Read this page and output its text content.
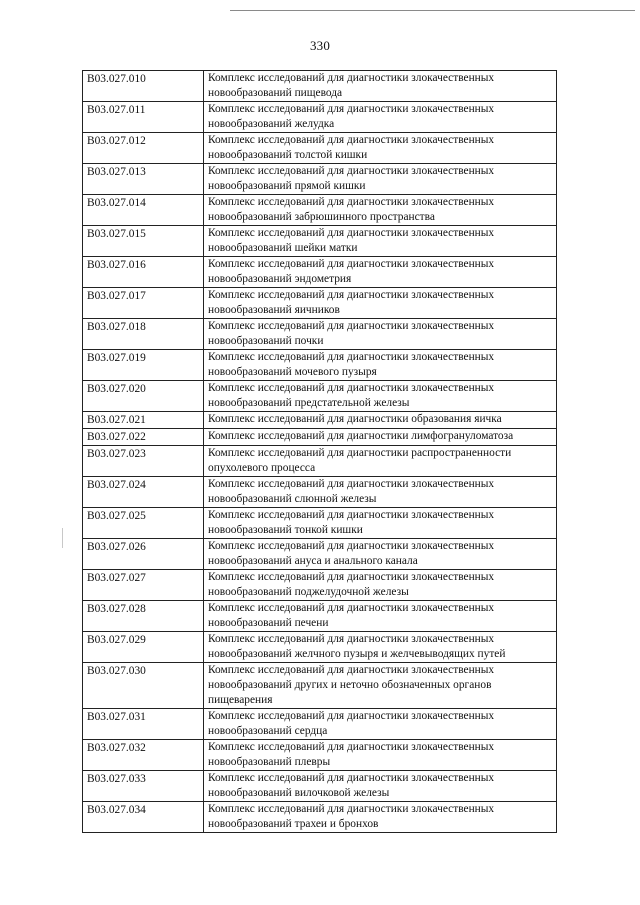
330
B03.027.010	Комплекс исследований для диагностики злокачественных новообразований пищевода
B03.027.011	Комплекс исследований для диагностики злокачественных новообразований желудка
B03.027.012	Комплекс исследований для диагностики злокачественных новообразований толстой кишки
B03.027.013	Комплекс исследований для диагностики злокачественных новообразований прямой кишки
B03.027.014	Комплекс исследований для диагностики злокачественных новообразований забрюшинного пространства
B03.027.015	Комплекс исследований для диагностики злокачественных новообразований шейки матки
B03.027.016	Комплекс исследований для диагностики злокачественных новообразований эндометрия
B03.027.017	Комплекс исследований для диагностики злокачественных новообразований яичников
B03.027.018	Комплекс исследований для диагностики злокачественных новообразований почки
B03.027.019	Комплекс исследований для диагностики злокачественных новообразований мочевого пузыря
B03.027.020	Комплекс исследований для диагностики злокачественных новообразований предстательной железы
B03.027.021	Комплекс исследований для диагностики образования яичка
B03.027.022	Комплекс исследований для диагностики лимфогрануломатоза
B03.027.023	Комплекс исследований для диагностики распространенности опухолевого процесса
B03.027.024	Комплекс исследований для диагностики злокачественных новообразований слюнной железы
B03.027.025	Комплекс исследований для диагностики злокачественных новообразований тонкой кишки
B03.027.026	Комплекс исследований для диагностики злокачественных новообразований ануса и анального канала
B03.027.027	Комплекс исследований для диагностики злокачественных новообразований поджелудочной железы
B03.027.028	Комплекс исследований для диагностики злокачественных новообразований печени
B03.027.029	Комплекс исследований для диагностики злокачественных новообразований желчного пузыря и желчевыводящих путей
B03.027.030	Комплекс исследований для диагностики злокачественных новообразований других и неточно обозначенных органов пищеварения
B03.027.031	Комплекс исследований для диагностики злокачественных новообразований сердца
B03.027.032	Комплекс исследований для диагностики злокачественных новообразований плевры
B03.027.033	Комплекс исследований для диагностики злокачественных новообразований вилочковой железы
B03.027.034	Комплекс исследований для диагностики злокачественных новообразований трахеи и бронхов
